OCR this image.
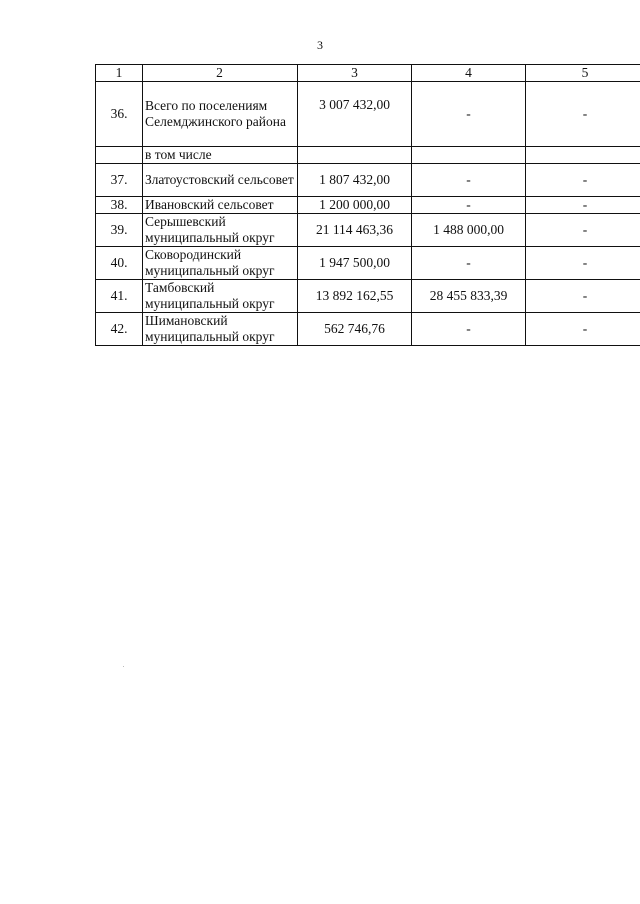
3
1	2	3	4	5
36.	Всего по поселениям Селемджинского района	3 007 432,00	-	-
	в том числе			
37.	Златоустовский сельсовет	1 807 432,00	-	-
38.	Ивановский сельсовет	1 200 000,00	-	-
39.	Серышевский муниципальный округ	21 114 463,36	1 488 000,00	-
40.	Сковородинский муниципальный округ	1 947 500,00	-	-
41.	Тамбовский муниципальный округ	13 892 162,55	28 455 833,39	-
42.	Шимановский муниципальный округ	562 746,76	-	-
